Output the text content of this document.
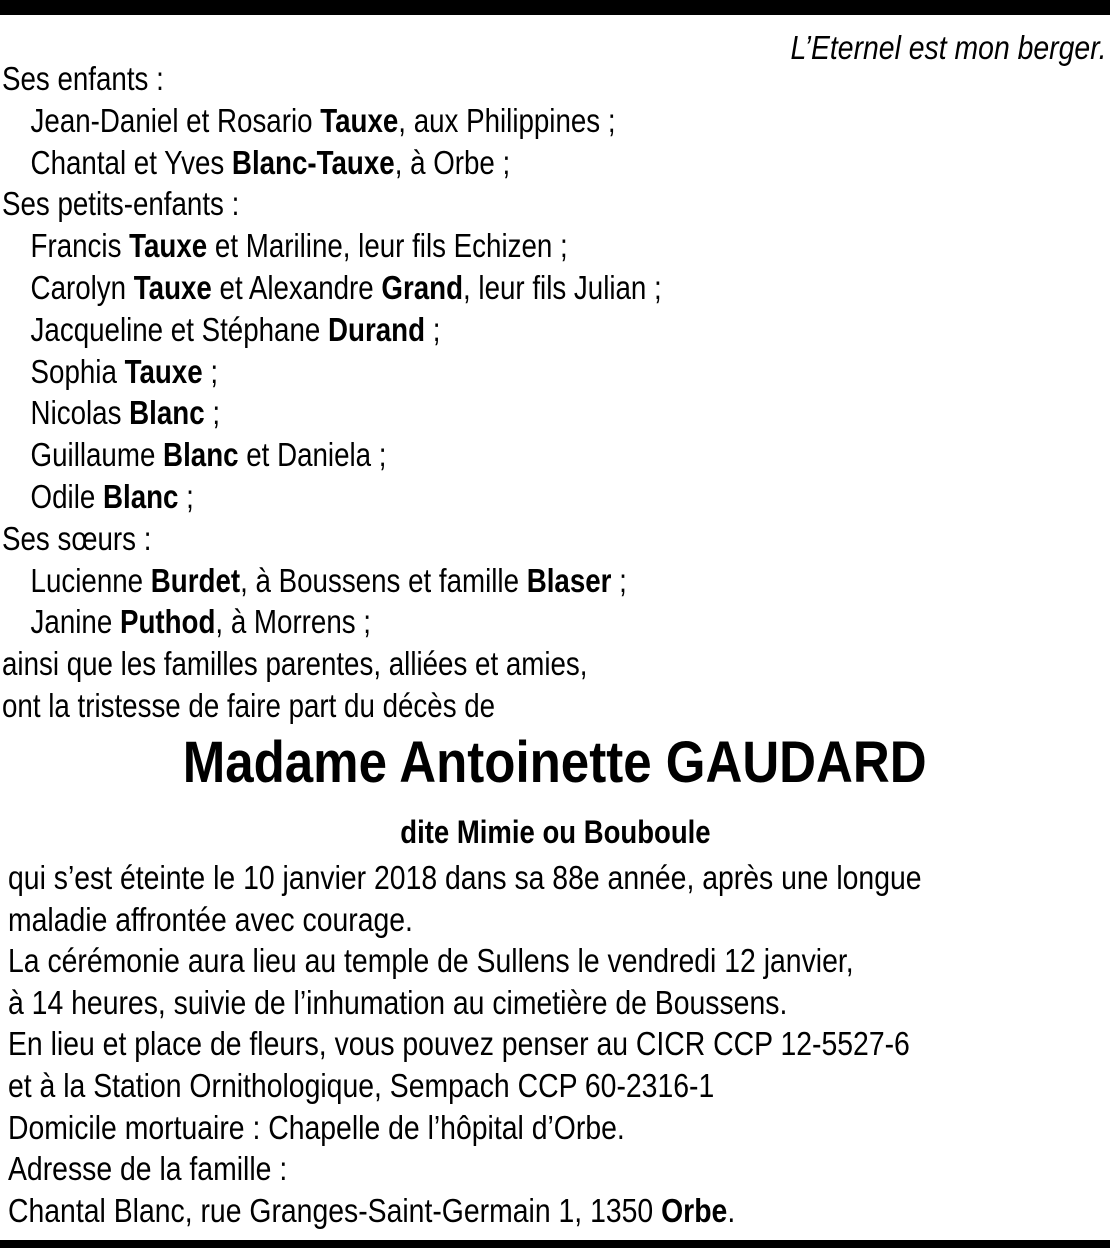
L’Eternel est mon berger.
Ses enfants :
Jean-Daniel et Rosario Tauxe, aux Philippines ;
Chantal et Yves Blanc-Tauxe, à Orbe ;
Ses petits-enfants :
Francis Tauxe et Mariline, leur fils Echizen ;
Carolyn Tauxe et Alexandre Grand, leur fils Julian ;
Jacqueline et Stéphane Durand ;
Sophia Tauxe ;
Nicolas Blanc ;
Guillaume Blanc et Daniela ;
Odile Blanc ;
Ses sœurs :
Lucienne Burdet, à Boussens et famille Blaser ;
Janine Puthod, à Morrens ;
ainsi que les familles parentes, alliées et amies,
ont la tristesse de faire part du décès de
Madame Antoinette GAUDARD
dite Mimie ou Bouboule
qui s’est éteinte le 10 janvier 2018 dans sa 88e année, après une longue
maladie affrontée avec courage.
La cérémonie aura lieu au temple de Sullens le vendredi 12 janvier,
à 14 heures, suivie de l’inhumation au cimetière de Boussens.
En lieu et place de fleurs, vous pouvez penser au CICR CCP 12-5527-6
et à la Station Ornithologique, Sempach CCP 60-2316-1
Domicile mortuaire : Chapelle de l’hôpital d’Orbe.
Adresse de la famille :
Chantal Blanc, rue Granges-Saint-Germain 1, 1350 Orbe.
